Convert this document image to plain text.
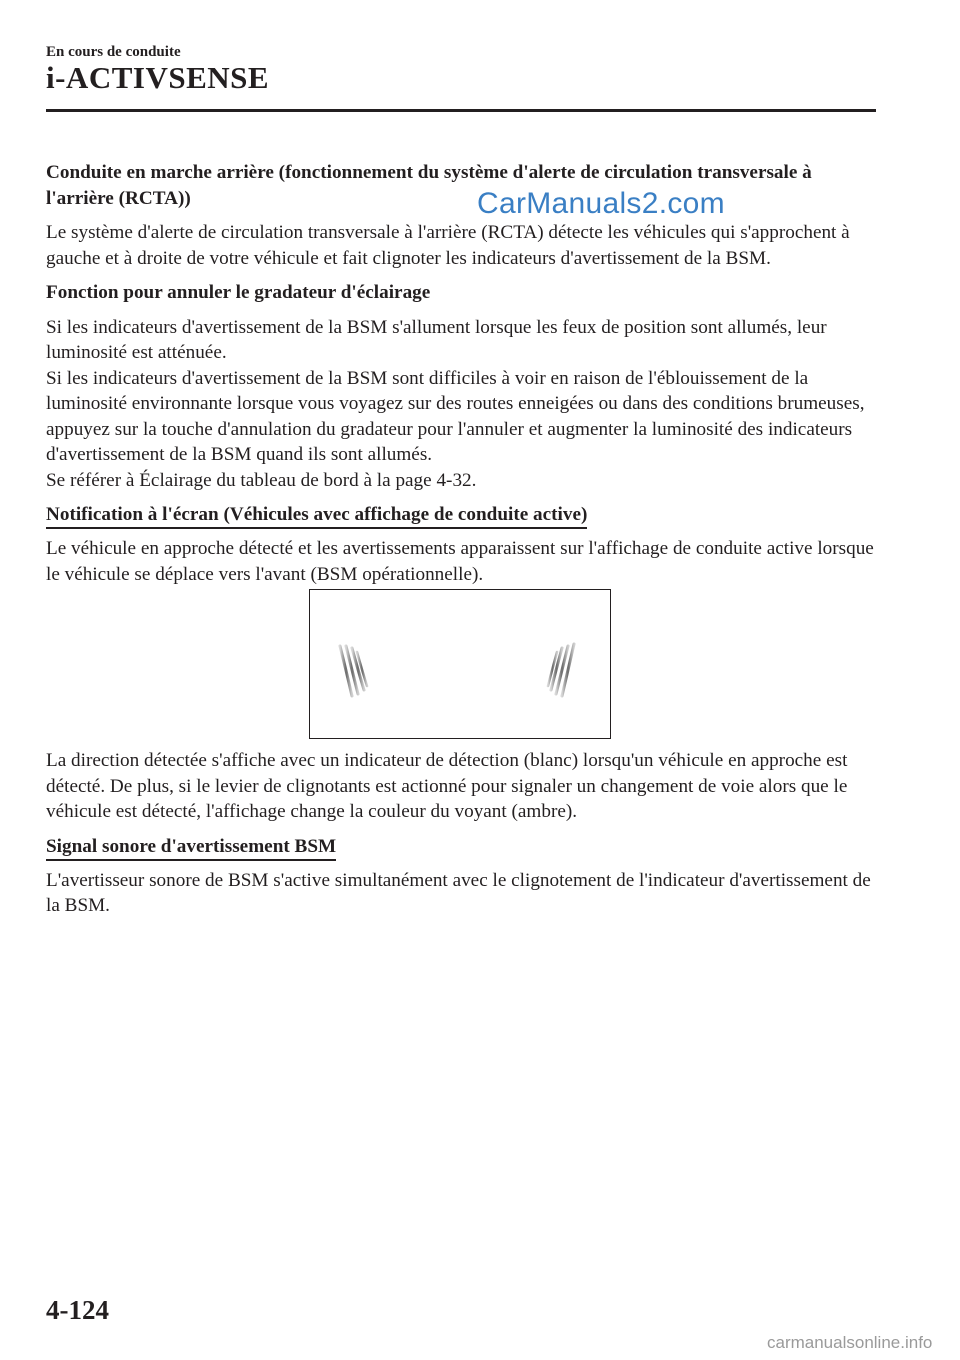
En cours de conduite
i-ACTIVSENSE
CarManuals2.com

Conduite en marche arrière (fonctionnement du système d'alerte de circulation transversale à l'arrière (RCTA))

Le système d'alerte de circulation transversale à l'arrière (RCTA) détecte les véhicules qui s'approchent à gauche et à droite de votre véhicule et fait clignoter les indicateurs d'avertissement de la BSM.

Fonction pour annuler le gradateur d'éclairage

Si les indicateurs d'avertissement de la BSM s'allument lorsque les feux de position sont allumés, leur luminosité est atténuée.

Si les indicateurs d'avertissement de la BSM sont difficiles à voir en raison de l'éblouissement de la luminosité environnante lorsque vous voyagez sur des routes enneigées ou dans des conditions brumeuses, appuyez sur la touche d'annulation du gradateur pour l'annuler et augmenter la luminosité des indicateurs d'avertissement de la BSM quand ils sont allumés.

Se référer à Éclairage du tableau de bord à la page 4-32.

Notification à l'écran (Véhicules avec affichage de conduite active)

Le véhicule en approche détecté et les avertissements apparaissent sur l'affichage de conduite active lorsque le véhicule se déplace vers l'avant (BSM opérationnelle).

La direction détectée s'affiche avec un indicateur de détection (blanc) lorsqu'un véhicule en approche est détecté. De plus, si le levier de clignotants est actionné pour signaler un changement de voie alors que le véhicule est détecté, l'affichage change la couleur du voyant (ambre).

Signal sonore d'avertissement BSM

L'avertisseur sonore de BSM s'active simultanément avec le clignotement de l'indicateur d'avertissement de la BSM.

4-124
carmanualsonline.info
